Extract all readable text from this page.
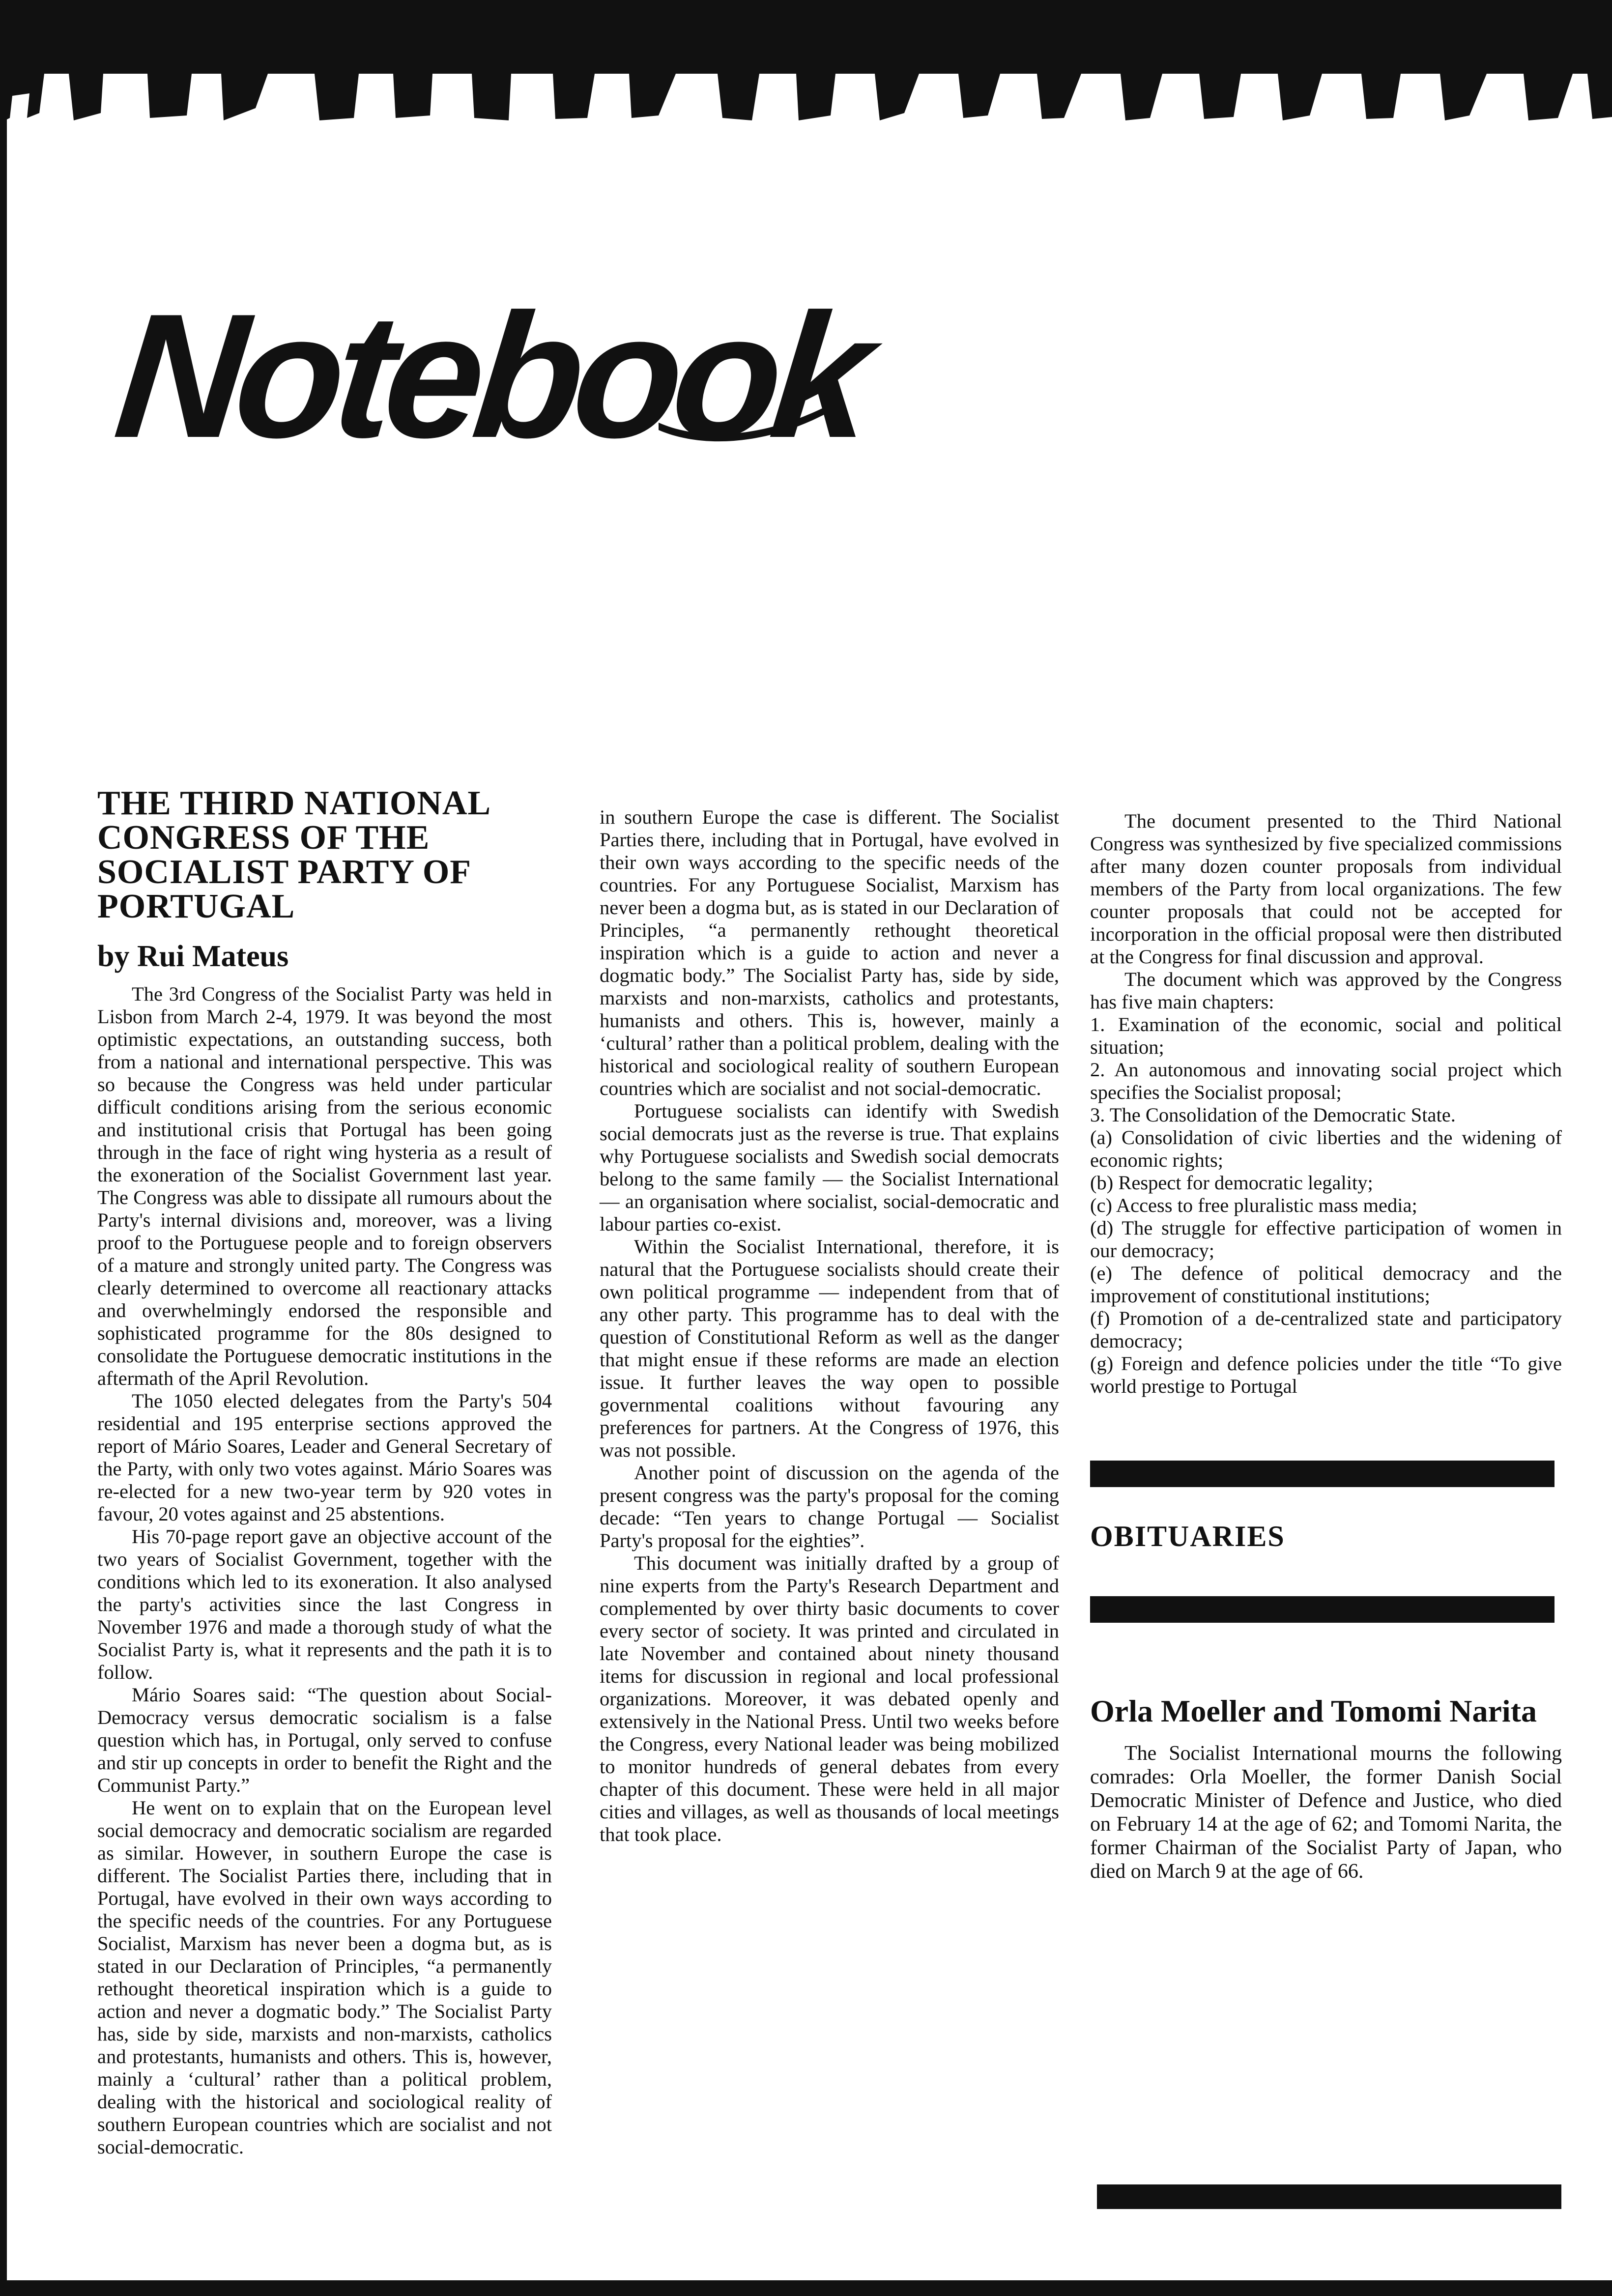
Notebook
THE THIRD NATIONAL CONGRESS OF THE SOCIALIST PARTY OF PORTUGAL
by Rui Mateus

The 3rd Congress of the Socialist Party was held in Lisbon from March 2-4, 1979. It was beyond the most optimistic expectations, an outstanding success, both from a national and international perspective. This was so because the Congress was held under particular difficult conditions arising from the serious economic and institutional crisis that Portugal has been going through in the face of right wing hysteria as a result of the exoneration of the Socialist Government last year. The Congress was able to dissipate all rumours about the Party's internal divisions and, moreover, was a living proof to the Portuguese people and to foreign observers of a mature and strongly united party. The Congress was clearly determined to overcome all reactionary attacks and overwhelmingly endorsed the responsible and sophisticated programme for the 80s designed to consolidate the Portuguese democratic institutions in the aftermath of the April Revolution.

The 1050 elected delegates from the Party's 504 residential and 195 enterprise sections approved the report of Mário Soares, Leader and General Secretary of the Party, with only two votes against. Mário Soares was re-elected for a new two-year term by 920 votes in favour, 20 votes against and 25 abstentions.

His 70-page report gave an objective account of the two years of Socialist Government, together with the conditions which led to its exoneration. It also analysed the party's activities since the last Congress in November 1976 and made a thorough study of what the Socialist Party is, what it represents and the path it is to follow.

Mário Soares said: “The question about Social-Democracy versus democratic socialism is a false question which has, in Portugal, only served to confuse and stir up concepts in order to benefit the Right and the Communist Party.”

He went on to explain that on the European level social democracy and democratic socialism are regarded as similar. However, in southern Europe the case is different. The Socialist Parties there, including that in Portugal, have evolved in their own ways according to the specific needs of the countries. For any Portuguese Socialist, Marxism has never been a dogma but, as is stated in our Declaration of Principles, “a permanently rethought theoretical inspiration which is a guide to action and never a dogmatic body.” The Socialist Party has, side by side, marxists and non-marxists, catholics and protestants, humanists and others. This is, however, mainly a ‘cultural’ rather than a political problem, dealing with the historical and sociological reality of southern European countries which are socialist and not social-democratic.

in southern Europe the case is different. The Socialist Parties there, including that in Portugal, have evolved in their own ways according to the specific needs of the countries. For any Portuguese Socialist, Marxism has never been a dogma but, as is stated in our Declaration of Principles, “a permanently rethought theoretical inspiration which is a guide to action and never a dogmatic body.” The Socialist Party has, side by side, marxists and non-marxists, catholics and protestants, humanists and others. This is, however, mainly a ‘cultural’ rather than a political problem, dealing with the historical and sociological reality of southern European countries which are socialist and not social-democratic.

Portuguese socialists can identify with Swedish social democrats just as the reverse is true. That explains why Portuguese socialists and Swedish social democrats belong to the same family — the Socialist International — an organisation where socialist, social-democratic and labour parties co-exist.

Within the Socialist International, therefore, it is natural that the Portuguese socialists should create their own political programme — independent from that of any other party. This programme has to deal with the question of Constitutional Reform as well as the danger that might ensue if these reforms are made an election issue. It further leaves the way open to possible governmental coalitions without favouring any preferences for partners. At the Congress of 1976, this was not possible.

Another point of discussion on the agenda of the present congress was the party's proposal for the coming decade: “Ten years to change Portugal — Socialist Party's proposal for the eighties”.

This document was initially drafted by a group of nine experts from the Party's Research Department and complemented by over thirty basic documents to cover every sector of society. It was printed and circulated in late November and contained about ninety thousand items for discussion in regional and local professional organizations. Moreover, it was debated openly and extensively in the National Press. Until two weeks before the Congress, every National leader was being mobilized to monitor hundreds of general debates from every chapter of this document. These were held in all major cities and villages, as well as thousands of local meetings that took place.

The document presented to the Third National Congress was synthesized by five specialized commissions after many dozen counter proposals from individual members of the Party from local organizations. The few counter proposals that could not be accepted for incorporation in the official proposal were then distributed at the Congress for final discussion and approval.

The document which was approved by the Congress has five main chapters:

1. Examination of the economic, social and political situation;

2. An autonomous and innovating social project which specifies the Socialist proposal;

3. The Consolidation of the Democratic State.

(a) Consolidation of civic liberties and the widening of economic rights;

(b) Respect for democratic legality;

(c) Access to free pluralistic mass media;

(d) The struggle for effective participation of women in our democracy;

(e) The defence of political democracy and the improvement of constitutional institutions;

(f) Promotion of a de-centralized state and participatory democracy;

(g) Foreign and defence policies under the title “To give world prestige to Portugal

OBITUARIES
Orla Moeller and Tomomi Narita

The Socialist International mourns the following comrades: Orla Moeller, the former Danish Social Democratic Minister of Defence and Justice, who died on February 14 at the age of 62; and Tomomi Narita, the former Chairman of the Socialist Party of Japan, who died on March 9 at the age of 66.
